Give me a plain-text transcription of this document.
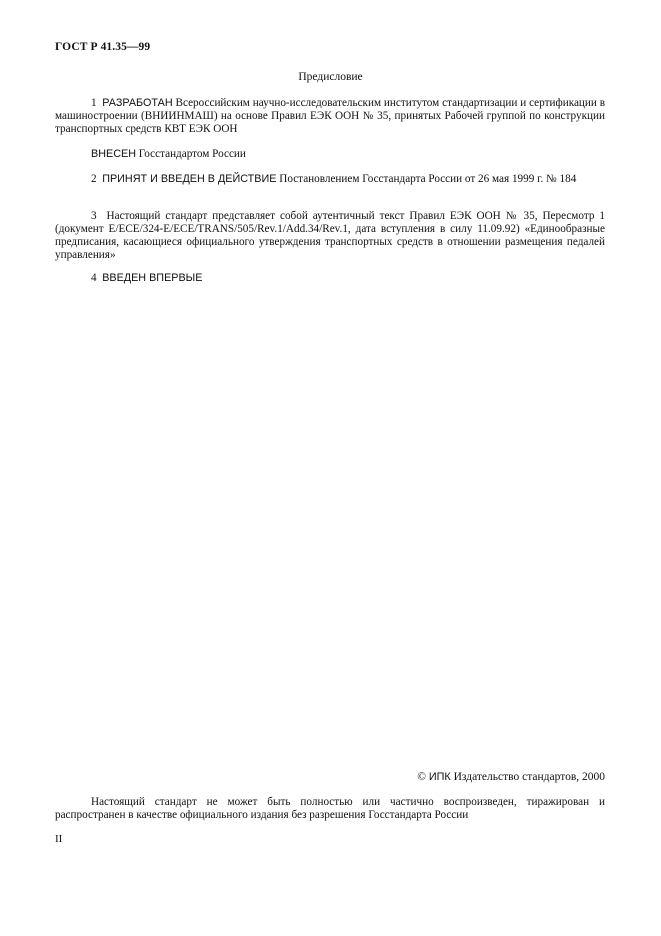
ГОСТ Р 41.35—99
Предисловие

1 РАЗРАБОТАН Всероссийским научно-исследовательским институтом стандартизации и сертификации в машиностроении (ВНИИНМАШ) на основе Правил ЕЭК ООН № 35, принятых Рабочей группой по конструкции транспортных средств КВТ ЕЭК ООН

ВНЕСЕН Госстандартом России

2 ПРИНЯТ И ВВЕДЕН В ДЕЙСТВИЕ Постановлением Госстандарта России от 26 мая 1999 г. № 184

3 Настоящий стандарт представляет собой аутентичный текст Правил ЕЭК ООН № 35, Пересмотр 1 (документ E/ECE/324-E/ECE/TRANS/505/Rev.1/Add.34/Rev.1, дата вступления в силу 11.09.92) «Единообразные предписания, касающиеся официального утверждения транспортных средств в отношении размещения педалей управления»

4 ВВЕДЕН ВПЕРВЫЕ

© ИПК Издательство стандартов, 2000

Настоящий стандарт не может быть полностью или частично воспроизведен, тиражирован и распространен в качестве официального издания без разрешения Госстандарта России

II
